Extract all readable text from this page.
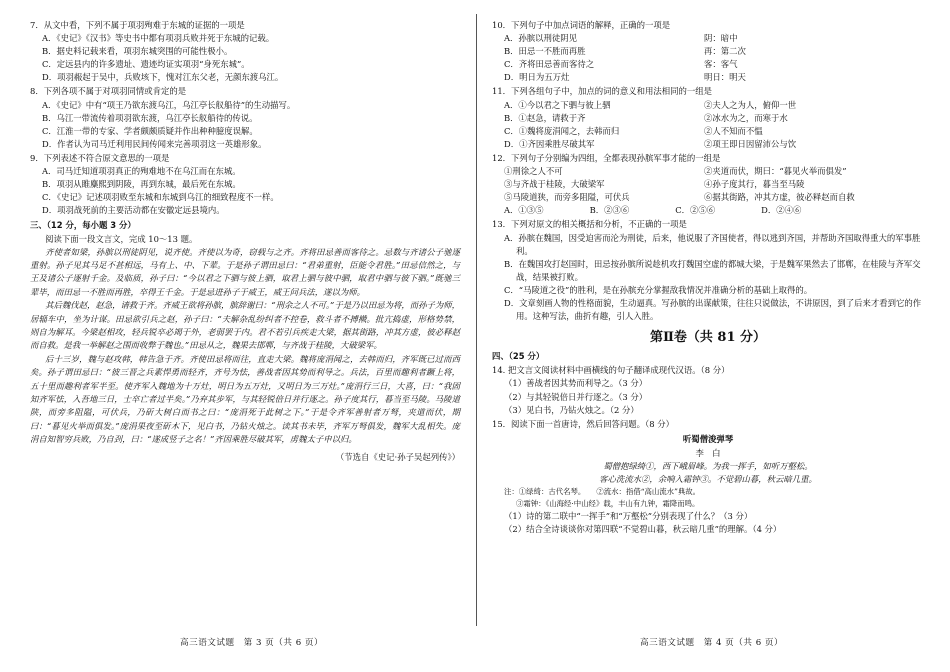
7．从文中看，下列不属于项羽殉难于东城的证据的一项是

A．《史记》《汉书》等史书中都有项羽兵败并死于东城的记载。

B．据史料记载来看，项羽东城突围的可能性极小。

C．定远县内的许多遗址、遗迹均证实项羽“身死东城”。

D．项羽赧起于吴中，兵败垓下，愧对江东父老，无颜东渡乌江。

8．下列各项不属于对项羽同情或肯定的是

A．《史记》中有“项王乃欲东渡乌江，乌江亭长舣船待”的生动描写。

B．乌江一带流传着项羽欲东渡，乌江亭长舣船待的传说。

C．江淮一带的专家、学者颇颇质疑并作出种种臆度误解。

D．作者认为司马迁利用民间传闻来完善项羽这一英雄形象。

9．下列表述不符合原文意思的一项是

A．司马迁知道项羽真正的殉难地不在乌江而在东城。

B．项羽从睢麋熙到阴陵，再到东城，最后死在东城。

C．《史记》记述项羽败至东城和东城到乌江的细致程度不一样。

D．项羽战死前的主要活动都在安徽定远县境内。

三、（12 分，每小题 3 分）

阅读下面一段文言文，完成 10～13 题。

齐使者如梁，孙膑以刑徒阴见，说齐使。齐使以为奇，窃载与之齐。齐将田忌善而客待之。忌数与齐诸公子驰逐重射。孙子见其马足不甚相远，马有上、中、下辈。于是孙子谓田忌曰：“君弟重射，臣能令君胜。”田忌信然之，与王及诸公子逐射千金。及临质，孙子曰：“今以君之下驷与彼上驷，取君上驷与彼中驷，取君中驷与彼下驷。”既驰三辈毕，而田忌一不胜而再胜，卒得王千金。于是忌进孙子于威王，威王问兵法，遂以为师。

其后魏伐赵，赵急，请救于齐。齐威王欲将孙膑，膑辞谢曰：“刑余之人不可。”于是乃以田忌为将，而孙子为师，居辎车中，坐为计谋。田忌欲引兵之赵，孙子曰：“夫解杂乱纷纠者不控卷，救斗者不搏撠。批亢捣虚，形格势禁，则自为解耳。今梁赵相攻，轻兵锐卒必竭于外，老弱罢于内。君不若引兵疾走大梁，据其街路，冲其方虚，彼必释赵而自救。是我一举解赵之围而收弊于魏也。”田忌从之，魏果去邯郸，与齐战于桂陵，大破梁军。

后十三岁，魏与赵攻韩，韩告急于齐。齐使田忌将而往，直走大梁。魏将庞涓闻之，去韩而归，齐军既已过而西矣。孙子谓田忌曰：“彼三晋之兵素悍勇而轻齐，齐号为怯，善战者因其势而利导之。兵法，百里而趣利者蹶上将，五十里而趣利者军半至。使齐军入魏地为十万灶，明日为五万灶，又明日为三万灶。”庞涓行三日，大喜，曰：“我固知齐军怯，入吾地三日，士卒亡者过半矣。”乃弃其步军，与其轻锐倍日并行逐之。孙子度其行，暮当至马陵。马陵道陕，而旁多阻隘，可伏兵，乃斫大树白而书之曰：“庞涓死于此树之下。”于是令齐军善射者万弩，夹道而伏，期曰：“暮见火举而俱发。”庞涓果夜至斫木下，见白书，乃钻火烛之。读其书未毕，齐军万弩俱发，魏军大乱相失。庞涓自知智穷兵败，乃自刭，曰：“遂成竖子之名！”齐因乘胜尽破其军，虏魏太子申以归。

（节选自《史记·孙子吴起列传》）

10．下列句子中加点词语的解释，正确的一项是

A．孙膑以刑徒阴见	阴：暗中
B．田忌一不胜而再胜	再：第二次
C．齐将田忌善而客待之	客：客气
D．明日为五万灶	明日：明天

11．下列各组句子中，加点的词的意义和用法相同的一组是

A．①今以君之下驷与彼上驷	②夫人之为人，俯仰一世
B．①赵急，请救于齐	②冰水为之，而寒于水
C．①魏将庞涓闻之，去韩而归	②人不知而不愠
D．①齐因乘胜尽破其军	②项王即日因留沛公与饮

12．下列句子分别编为四组，全都表现孙膑军事才能的一组是

①刑徐之人不可	②夹道而伏，期曰：“暮见火举而俱发”
③与齐战于桂陵，大破梁军	④孙子度其行，暮当至马陵
⑤马陵道狭，而旁多阻隘，可伏兵	⑥据其街路，冲其方虚，彼必释赵而自救
A．①③⑤	B．②③⑥	C．②⑤⑥	D．②④⑥

13．下列对原文的相关概括和分析，不正确的一项是

A．孙膑在魏国，因受迫害而沦为刑徒，后来，他说服了齐国使者，得以逃到齐国，并帮助齐国取得重大的军事胜利。

B．在魏国攻打赵国时，田忌按孙膑所说趁机攻打魏国空虚的都城大梁，于是魏军果然去了邯郸，在桂陵与齐军交战，结果被打败。

C．“马陵道之役”的胜利，是在孙膑充分掌握敌我情况并准确分析的基础上取得的。

D．文章刻画人物的性格面貌，生动逼真。写孙膑的出谋献策，往往只说做法，不讲原因，到了后来才看到它的作用。这种写法，曲折有趣，引人入胜。

第Ⅱ卷（共 81 分）

四、（25 分）

14. 把文言文阅读材料中画横线的句子翻译成现代汉语。（8 分）

（1）善战者因其势而利导之。（3 分）

（2）与其轻锐倍日并行逐之。（3 分）

（3）见白书，乃钻火烛之。（2 分）

15．阅读下面一首唐诗，然后回答问题。（8 分）

听蜀僧浚弹琴

李　白

蜀僧抱绿绮①，西下峨眉峰。为我一挥手，如听万壑松。

客心洗流水②，余响入霜钟③。不觉碧山暮，秋云暗几重。

注：①绿绮：古代名琴。　　②流水：指借“高山流水”典故。

③霜钟：《山海经·中山经》载，丰山有九钟，霜降而鸣。

（1）诗的第二联中“一挥手”和“万壑松”分别表现了什么？（3 分）

（2）结合全诗谈谈你对第四联“不觉碧山暮，秋云暗几重”的理解。（4 分）

高三语文试题　第 3 页（共 6 页）	高三语文试题　第 4 页（共 6 页）
